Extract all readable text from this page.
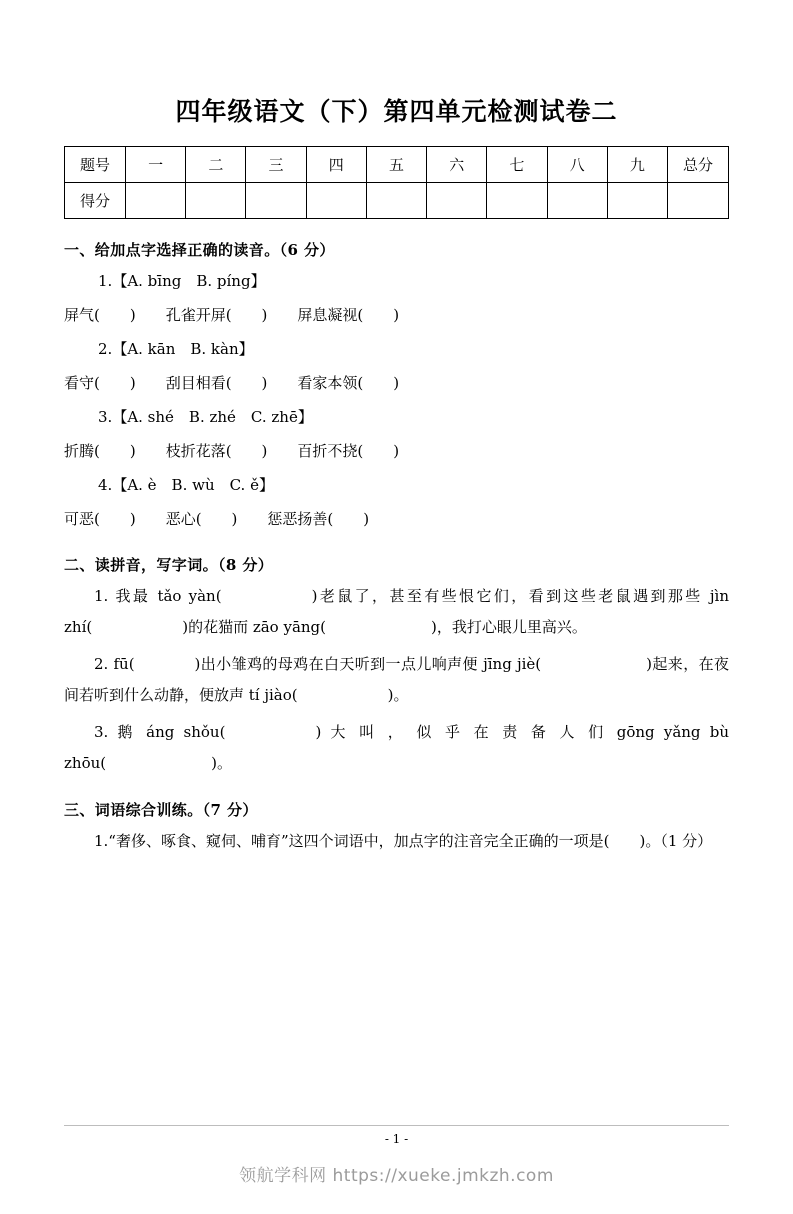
四年级语文（下）第四单元检测试卷二
题号	一	二	三	四	五	六	七	八	九	总分
得分										
一、给加点字选择正确的读音。（6 分）
1.【A. bīng B. píng】
屏气(  )  孔雀开屏(  )  屏息凝视(  )
2.【A. kān B. kàn】
看守(  )  刮目相看(  )  看家本领(  )
3.【A. shé B. zhé C. zhē】
折腾(  )  枝折花落(  )  百折不挠(  )
4.【A. è B. wù C. ě】
可恶(  )  恶心(  )  惩恶扬善(  )
二、读拼音，写字词。（8 分）
1. 我最 tǎo yàn(      )老鼠了，甚至有些恨它们，看到这些老鼠遇到那些 jìn zhí(      )的花猫而 zāo yāng(       )，我打心眼儿里高兴。
2. fū(    )出小雏鸡的母鸡在白天听到一点儿响声便 jīng jiè(       )起来，在夜间若听到什么动静，便放声 tí jiào(      )。
3. 鹅 áng shǒu(      ) 大 叫 ， 似 乎 在 责 备 人 们 gōng yǎng bù zhōu(       )。
三、词语综合训练。（7 分）
1.“奢侈、啄食、窥伺、哺育”这四个词语中，加点字的注音完全正确的一项是(  )。（1 分）
- 1 -
领航学科网 https://xueke.jmkzh.com
